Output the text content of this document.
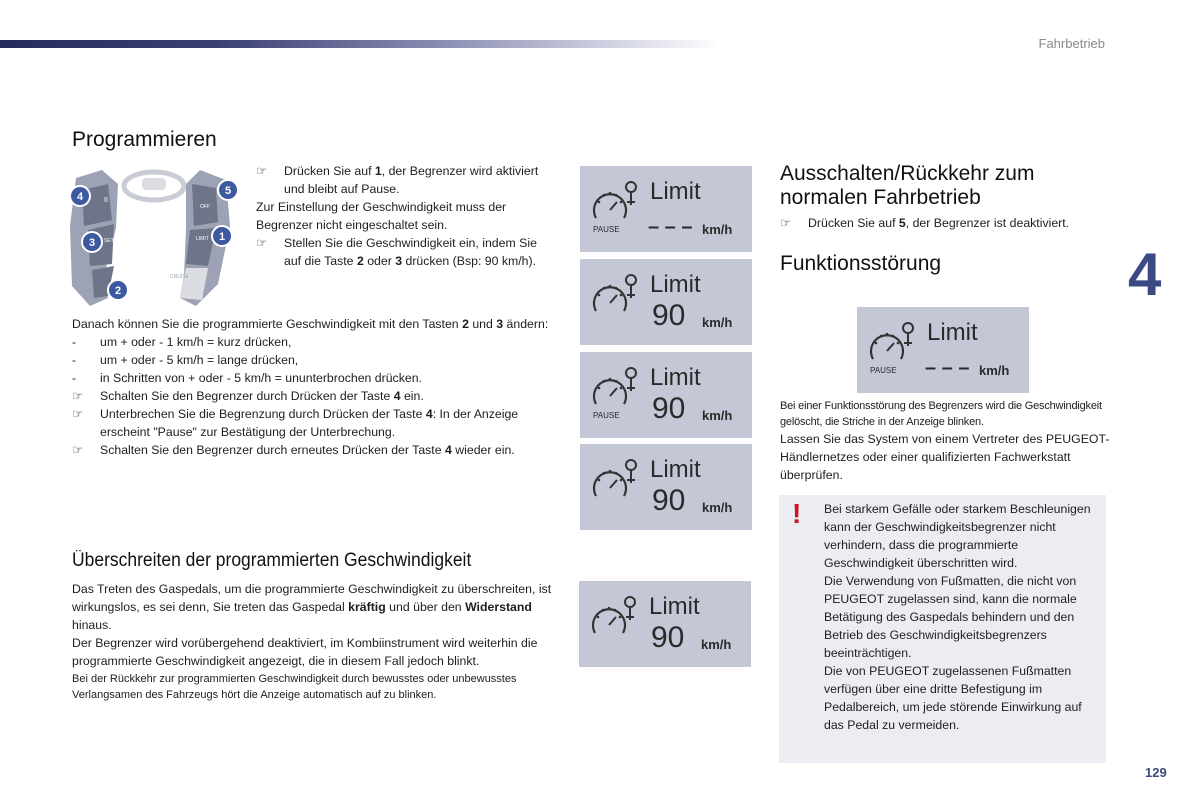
Fahrbetrieb
4
129
Programmieren
II
SET +	LIMIT
SET -	CRUISE
OFF
4	5
3	1
2
☞ Drücken Sie auf 1, der Begrenzer wird aktiviert und bleibt auf Pause.
Zur Einstellung der Geschwindigkeit muss der Begrenzer nicht eingeschaltet sein.
☞ Stellen Sie die Geschwindigkeit ein, indem Sie auf die Taste 2 oder 3 drücken (Bsp: 90 km/h).
Danach können Sie die programmierte Geschwindigkeit mit den Tasten 2 und 3 ändern:
- um + oder - 1 km/h = kurz drücken,
- um + oder - 5 km/h = lange drücken,
- in Schritten von + oder - 5 km/h = ununterbrochen drücken.
☞ Schalten Sie den Begrenzer durch Drücken der Taste 4 ein.
☞ Unterbrechen Sie die Begrenzung durch Drücken der Taste 4: In der Anzeige erscheint "Pause" zur Bestätigung der Unterbrechung.
☞ Schalten Sie den Begrenzer durch erneutes Drücken der Taste 4 wieder ein.
Überschreiten der programmierten Geschwindigkeit
Das Treten des Gaspedals, um die programmierte Geschwindigkeit zu überschreiten, ist wirkungslos, es sei denn, Sie treten das Gaspedal kräftig und über den Widerstand hinaus.
Der Begrenzer wird vorübergehend deaktiviert, im Kombiinstrument wird weiterhin die programmierte Geschwindigkeit angezeigt, die in diesem Fall jedoch blinkt.
Bei der Rückkehr zur programmierten Geschwindigkeit durch bewusstes oder unbewusstes Verlangsamen des Fahrzeugs hört die Anzeige automatisch auf zu blinken.
Limit
– – – km/h
PAUSE
Limit
90 km/h
Limit
90 km/h
PAUSE
Limit
90 km/h
Limit
90 km/h
Limit
– – – km/h
PAUSE
Ausschalten/Rückkehr zum
normalen Fahrbetrieb
☞ Drücken Sie auf 5, der Begrenzer ist deaktiviert.
Funktionsstörung
Bei einer Funktionsstörung des Begrenzers wird die Geschwindigkeit gelöscht, die Striche in der Anzeige blinken.
Lassen Sie das System von einem Vertreter des PEUGEOT-Händlernetzes oder einer qualifizierten Fachwerkstatt überprüfen.
! Bei starkem Gefälle oder starkem Beschleunigen kann der Geschwindigkeitsbegrenzer nicht verhindern, dass die programmierte Geschwindigkeit überschritten wird.
Die Verwendung von Fußmatten, die nicht von PEUGEOT zugelassen sind, kann die normale Betätigung des Gaspedals behindern und den Betrieb des Geschwindigkeitsbegrenzers beeinträchtigen.
Die von PEUGEOT zugelassenen Fußmatten verfügen über eine dritte Befestigung im Pedalbereich, um jede störende Einwirkung auf das Pedal zu vermeiden.
